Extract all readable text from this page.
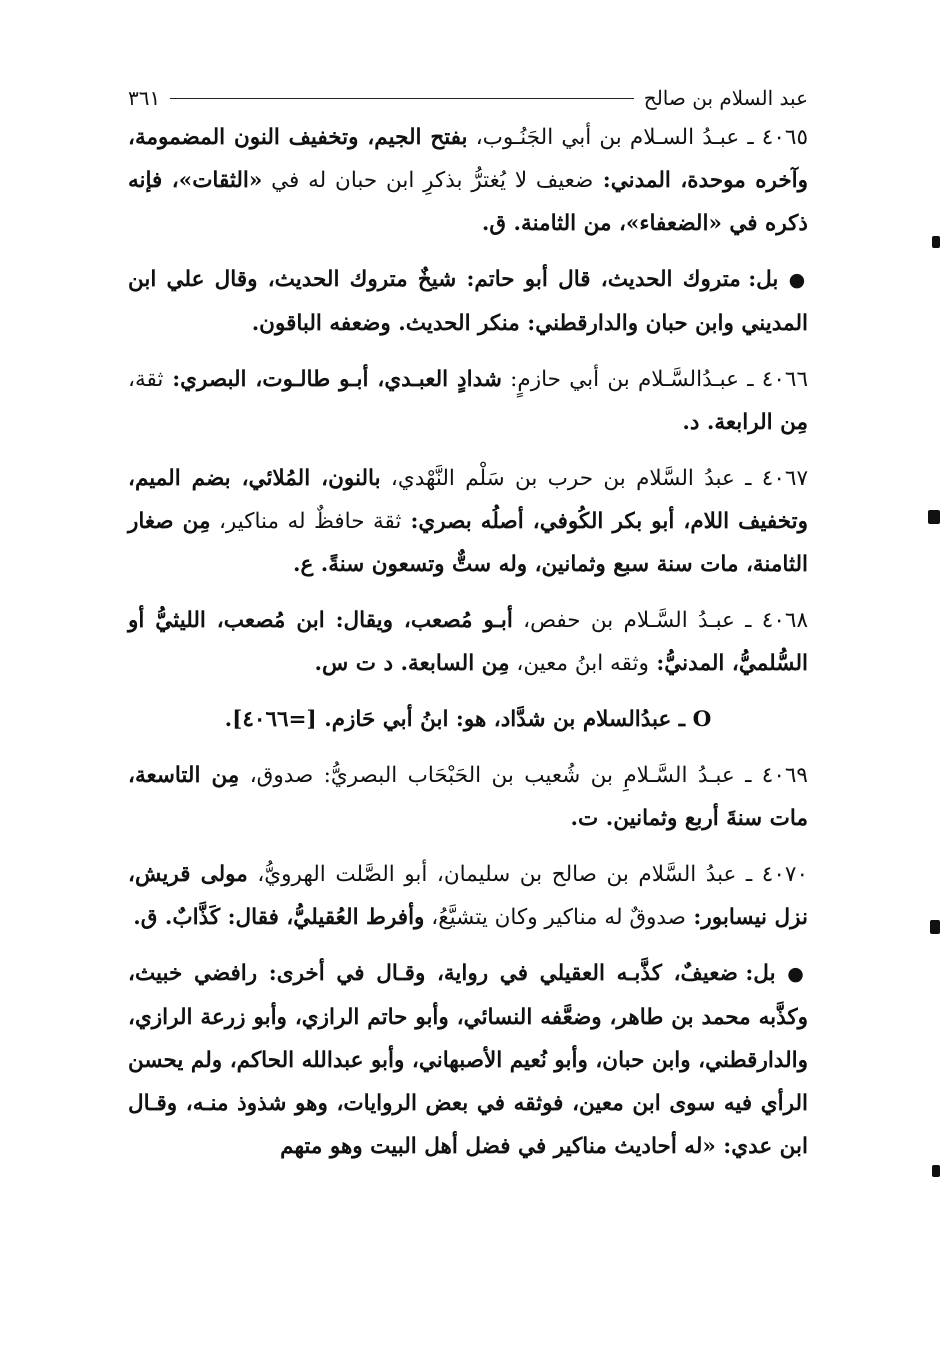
عبد السلام بن صالح
٣٦١

٤٠٦٥ ـ عبـدُ السـلام بن أبي الجَنُـوب، بفتح الجيم، وتخفيف النون المضمومة، وآخره موحدة، المدني: ضعيف لا يُغترُّ بذكرِ ابن حبان له في «الثقات»، فإنه ذكره في «الضعفاء»، من الثامنة. ق.

● بل: متروك الحديث، قال أبو حاتم: شيخٌ متروك الحديث، وقال علي ابن المديني وابن حبان والدارقطني: منكر الحديث. وضعفه الباقون.

٤٠٦٦ ـ عبـدُالسَّـلام بن أبي حازمٍ: شدادٍ العبـدي، أبـو طالـوت، البصري: ثقة، مِن الرابعة. د.

٤٠٦٧ ـ عبدُ السَّلام بن حرب بن سَلْم النَّهْدي، بالنون، المُلائي، بضم الميم، وتخفيف اللام، أبو بكر الكُوفي، أصلُه بصري: ثقة حافظٌ له مناكير، مِن صغار الثامنة، مات سنة سبع وثمانين، وله ستٌّ وتسعون سنةً. ع.

٤٠٦٨ ـ عبـدُ السَّـلام بن حفص، أبـو مُصعب، ويقال: ابن مُصعب، الليثيُّ أو السُّلميُّ، المدنيُّ: وثقه ابنُ معين، مِن السابعة. د ت س.

O ـ عبدُالسلام بن شدَّاد، هو: ابنُ أبي حَازم. [=٤٠٦٦].

٤٠٦٩ ـ عبـدُ السَّـلامِ بن شُعيب بن الحَبْحَاب البصريُّ: صدوق، مِن التاسعة، مات سنةَ أربع وثمانين. ت.

٤٠٧٠ ـ عبدُ السَّلام بن صالح بن سليمان، أبو الصَّلت الهرويُّ، مولى قريش، نزل نيسابور: صدوقٌ له مناكير وكان يتشيَّعُ، وأفرط العُقيليُّ، فقال: كَذَّابٌ. ق.

● بل: ضعيفٌ، كذَّبـه العقيلي في رواية، وقـال في أخرى: رافضي خبيث، وكذَّبه محمد بن طاهر، وضعَّفه النسائي، وأبو حاتم الرازي، وأبو زرعة الرازي، والدارقطني، وابن حبان، وأبو نُعيم الأصبهاني، وأبو عبدالله الحاكم، ولم يحسن الرأي فيه سوى ابن معين، فوثقه في بعض الروايات، وهو شذوذ منـه، وقـال ابن عدي: «له أحاديث مناكير في فضل أهل البيت وهو متهم
